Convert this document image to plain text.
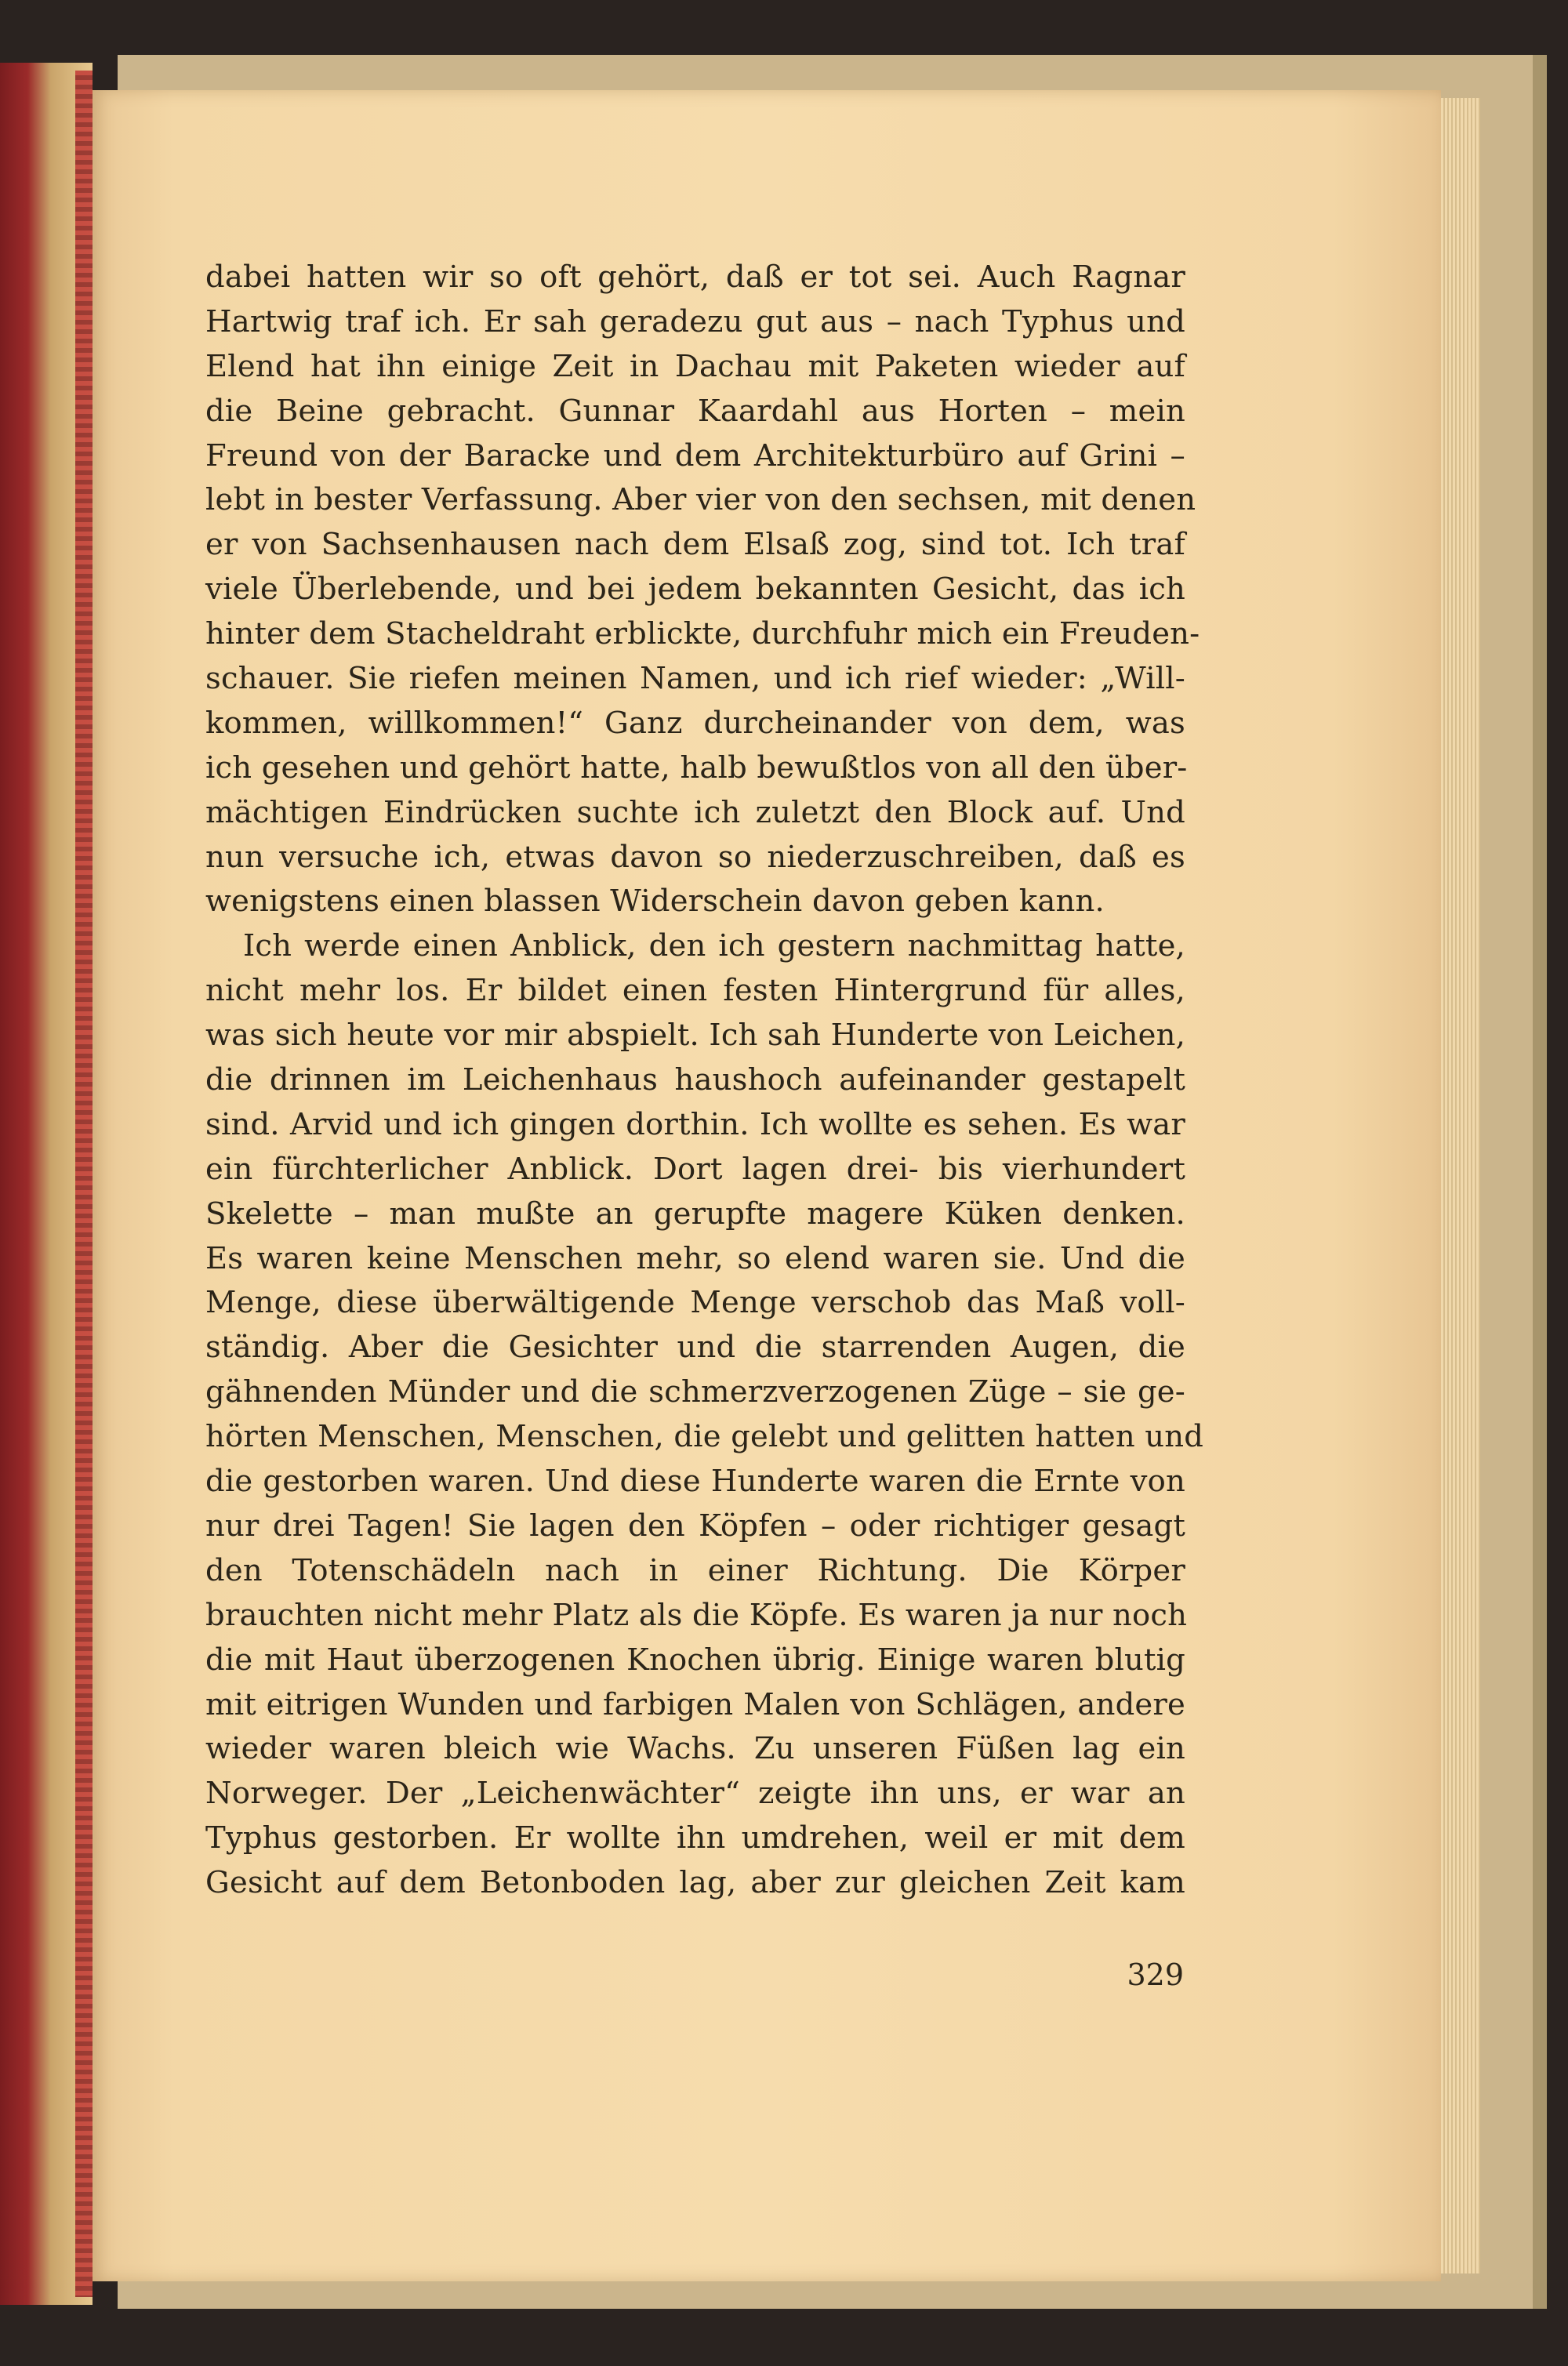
dabei hatten wir so oft gehört, daß er tot sei. Auch Ragnar
Hartwig traf ich. Er sah geradezu gut aus – nach Typhus und
Elend hat ihn einige Zeit in Dachau mit Paketen wieder auf
die Beine gebracht. Gunnar Kaardahl aus Horten – mein
Freund von der Baracke und dem Architekturbüro auf Grini –
lebt in bester Verfassung. Aber vier von den sechsen, mit denen
er von Sachsenhausen nach dem Elsaß zog, sind tot. Ich traf
viele Überlebende, und bei jedem bekannten Gesicht, das ich
hinter dem Stacheldraht erblickte, durchfuhr mich ein Freuden-
schauer. Sie riefen meinen Namen, und ich rief wieder: „Will-
kommen, willkommen!“ Ganz durcheinander von dem, was
ich gesehen und gehört hatte, halb bewußtlos von all den über-
mächtigen Eindrücken suchte ich zuletzt den Block auf. Und
nun versuche ich, etwas davon so niederzuschreiben, daß es
wenigstens einen blassen Widerschein davon geben kann.
Ich werde einen Anblick, den ich gestern nachmittag hatte,
nicht mehr los. Er bildet einen festen Hintergrund für alles,
was sich heute vor mir abspielt. Ich sah Hunderte von Leichen,
die drinnen im Leichenhaus haushoch aufeinander gestapelt
sind. Arvid und ich gingen dorthin. Ich wollte es sehen. Es war
ein fürchterlicher Anblick. Dort lagen drei- bis vierhundert
Skelette – man mußte an gerupfte magere Küken denken.
Es waren keine Menschen mehr, so elend waren sie. Und die
Menge, diese überwältigende Menge verschob das Maß voll-
ständig. Aber die Gesichter und die starrenden Augen, die
gähnenden Münder und die schmerzverzogenen Züge – sie ge-
hörten Menschen, Menschen, die gelebt und gelitten hatten und
die gestorben waren. Und diese Hunderte waren die Ernte von
nur drei Tagen! Sie lagen den Köpfen – oder richtiger gesagt
den Totenschädeln nach in einer Richtung. Die Körper
brauchten nicht mehr Platz als die Köpfe. Es waren ja nur noch
die mit Haut überzogenen Knochen übrig. Einige waren blutig
mit eitrigen Wunden und farbigen Malen von Schlägen, andere
wieder waren bleich wie Wachs. Zu unseren Füßen lag ein
Norweger. Der „Leichenwächter“ zeigte ihn uns, er war an
Typhus gestorben. Er wollte ihn umdrehen, weil er mit dem
Gesicht auf dem Betonboden lag, aber zur gleichen Zeit kam
329
